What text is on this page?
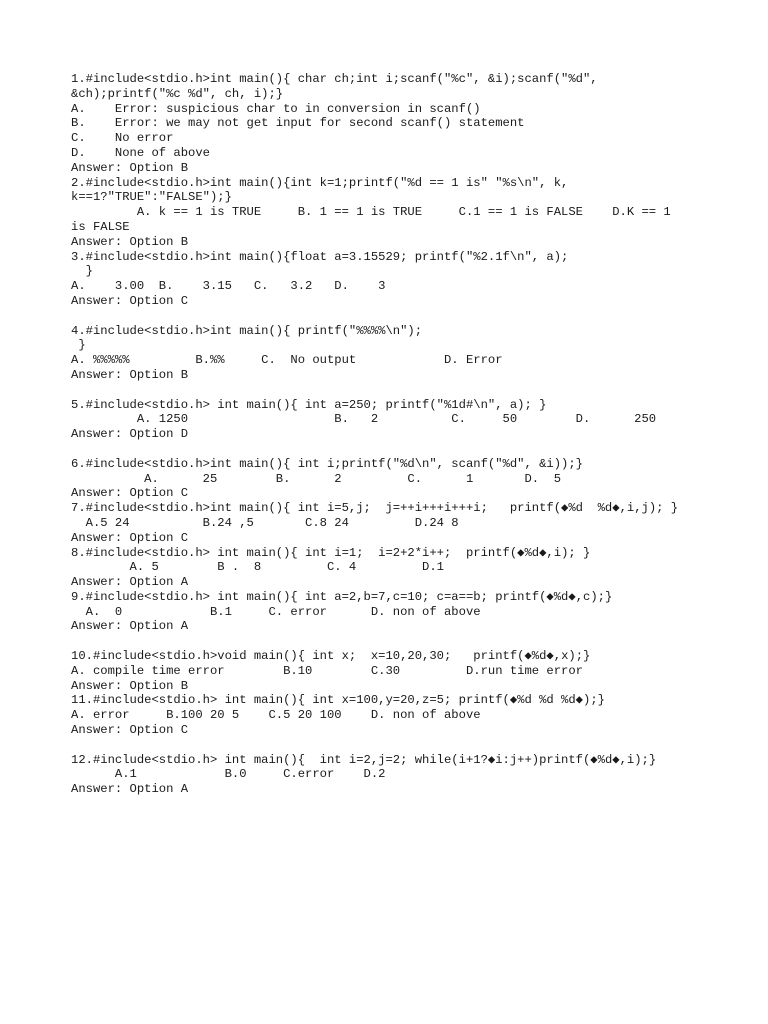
1.#include<stdio.h>int main(){ char ch;int i;scanf("%c", &i);scanf("%d",
&ch);printf("%c %d", ch, i);}
A.    Error: suspicious char to in conversion in scanf()
B.    Error: we may not get input for second scanf() statement
C.    No error
D.    None of above
Answer: Option B
2.#include<stdio.h>int main(){int k=1;printf("%d == 1 is" "%s\n", k,
k==1?"TRUE":"FALSE");}
A. k == 1 is TRUE     B. 1 == 1 is TRUE     C.1 == 1 is FALSE    D.K == 1
is FALSE
Answer: Option B
3.#include<stdio.h>int main(){float a=3.15529; printf("%2.1f\n", a);
}
A.    3.00  B.    3.15   C.   3.2   D.    3
Answer: Option C
4.#include<stdio.h>int main(){ printf("%%%%\n");
}
A. %%%%%         B.%%     C.  No output            D. Error
Answer: Option B
5.#include<stdio.h> int main(){ int a=250; printf("%1d#\n", a); }
A. 1250                    B.   2          C.     50        D.      250
Answer: Option D
6.#include<stdio.h>int main(){ int i;printf("%d\n", scanf("%d", &i));}
A.      25        B.      2         C.      1       D.  5
Answer: Option C
7.#include<stdio.h>int main(){ int i=5,j;  j=++i+++i+++i;   printf(◆%d  %d◆,i,j); }
A.5 24          B.24 ,5       C.8 24         D.24 8
Answer: Option C
8.#include<stdio.h> int main(){ int i=1;  i=2+2*i++;  printf(◆%d◆,i); }
A. 5        B .  8         C. 4         D.1
Answer: Option A
9.#include<stdio.h> int main(){ int a=2,b=7,c=10; c=a==b; printf(◆%d◆,c);}
A.  0            B.1     C. error      D. non of above
Answer: Option A
10.#include<stdio.h>void main(){ int x;  x=10,20,30;   printf(◆%d◆,x);}
A. compile time error        B.10        C.30         D.run time error
Answer: Option B
11.#include<stdio.h> int main(){ int x=100,y=20,z=5; printf(◆%d %d %d◆);}
A. error     B.100 20 5    C.5 20 100    D. non of above
Answer: Option C
12.#include<stdio.h> int main(){  int i=2,j=2; while(i+1?◆i:j++)printf(◆%d◆,i);}
A.1            B.0     C.error    D.2
Answer: Option A
